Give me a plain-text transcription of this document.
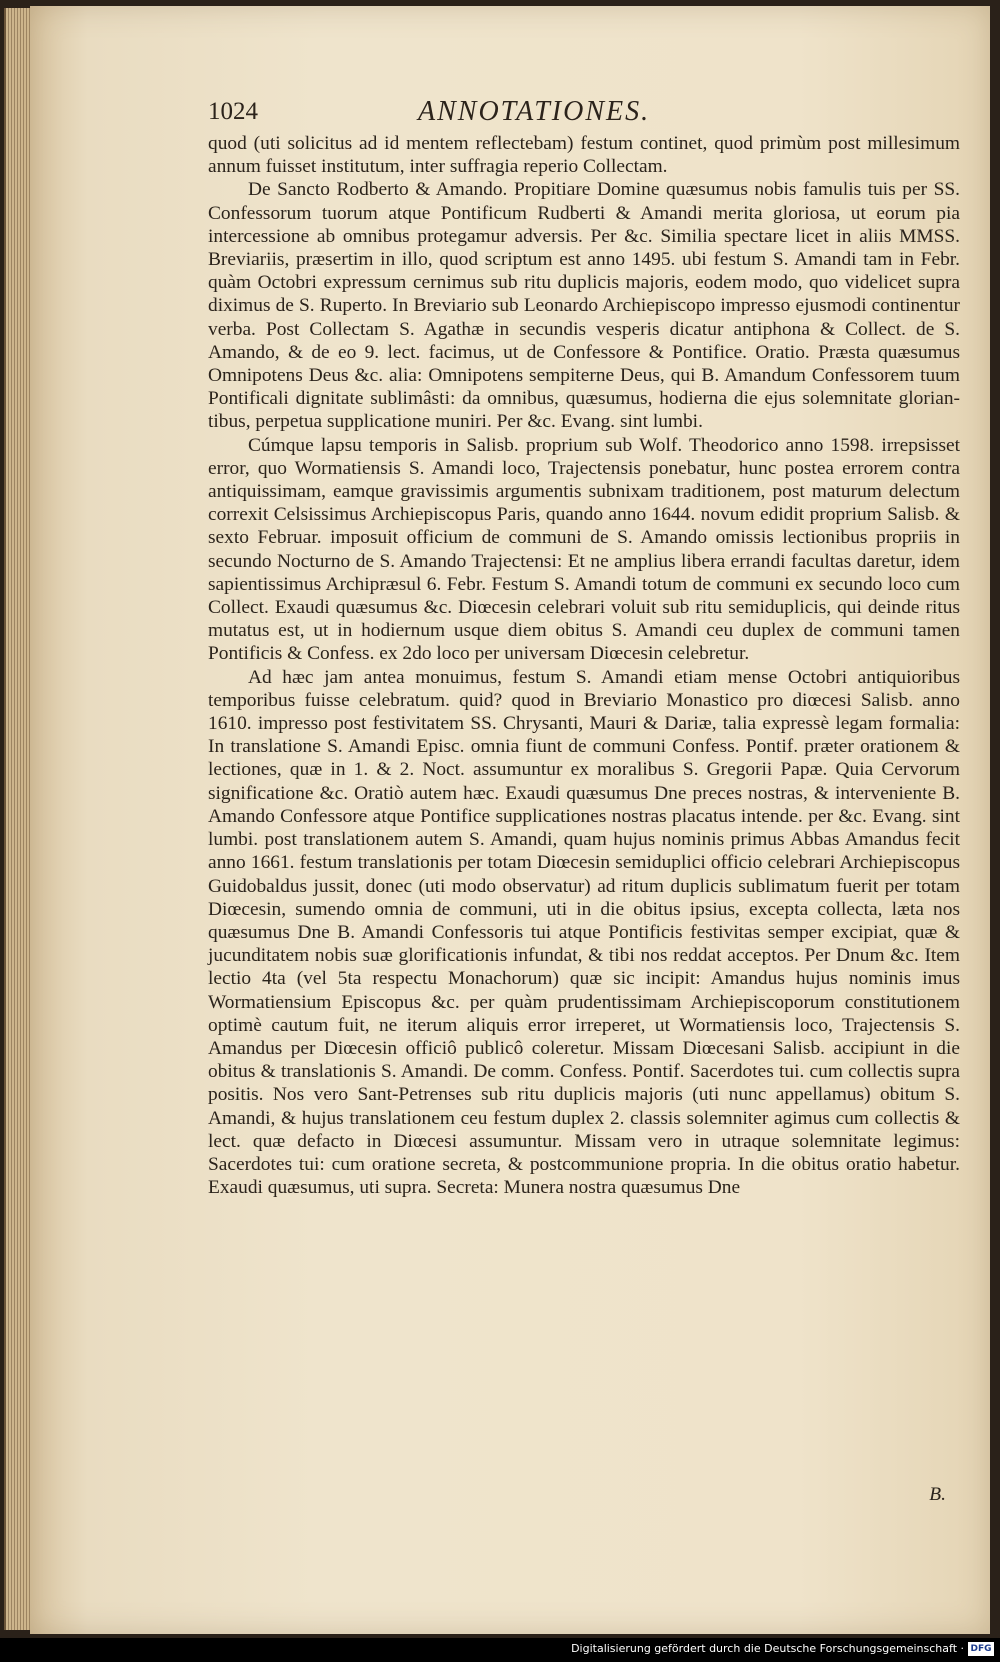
1024	ANNOTATIONES.

quod (uti solicitus ad id mentem reflectebam) festum continet, quod primùm post millesimum annum fuisset institutum, inter suffragia reperio Collectam.

De Sancto Rodberto & Amando. Propitiare Domine quæsumus nobis famulis tuis per SS. Confessorum tuorum atque Pontificum Rudberti & Amandi merita gloriosa, ut eorum pia intercessione ab omnibus protegamur adversis. Per &c. Similia spectare licet in aliis MMSS. Breviariis, præsertim in illo, quod scriptum est anno 1495. ubi festum S. Amandi tam in Febr. quàm Octobri expressum cernimus sub ritu duplicis majoris, eodem modo, quo videlicet supra diximus de S. Ruperto. In Breviario sub Leonardo Archiepiscopo impresso ejusmodi continentur verba. Post Collectam S. Agathæ in secundis vesperis dicatur antiphona & Collect. de S. Amando, & de eo 9. lect. facimus, ut de Confessore & Pontifice. Oratio. Præsta quæsumus Omnipotens Deus &c. alia: Omnipotens sempiterne Deus, qui B. Amandum Confessorem tuum Pontificali dignitate sublimâsti: da omnibus, quæsumus, hodierna die ejus solemnitate gloriantibus, perpetua supplicatione muniri. Per &c. Evang. sint lumbi.

Cúmque lapsu temporis in Salisb. proprium sub Wolf. Theodorico anno 1598. irrepsisset error, quo Wormatiensis S. Amandi loco, Trajectensis ponebatur, hunc postea errorem contra antiquissimam, eamque gravissimis argumentis subnixam traditionem, post maturum delectum correxit Celsissimus Archiepiscopus Paris, quando anno 1644. novum edidit proprium Salisb. & sexto Februar. imposuit officium de communi de S. Amando omissis lectionibus propriis in secundo Nocturno de S. Amando Trajectensi: Et ne amplius libera errandi facultas daretur, idem sapientissimus Archipræsul 6. Febr. Festum S. Amandi totum de communi ex secundo loco cum Collect. Exaudi quæsumus &c. Diœcesin celebrari voluit sub ritu semiduplicis, qui deinde ritus mutatus est, ut in hodiernum usque diem obitus S. Amandi ceu duplex de communi tamen Pontificis & Confess. ex 2do loco per universam Diœcesin celebretur.

Ad hæc jam antea monuimus, festum S. Amandi etiam mense Octobri antiquioribus temporibus fuisse celebratum. quid? quod in Breviario Monastico pro diœcesi Salisb. anno 1610. impresso post festivitatem SS. Chrysanti, Mauri & Dariæ, talia expressè legam formalia: In translatione S. Amandi Episc. omnia fiunt de communi Confess. Pontif. præter orationem & lectiones, quæ in 1. & 2. Noct. assumuntur ex moralibus S. Gregorii Papæ. Quia Cervorum significatione &c. Oratiò autem hæc. Exaudi quæsumus Dne preces nostras, & interveniente B. Amando Confessore atque Pontifice supplicationes nostras placatus intende. per &c. Evang. sint lumbi. post translationem autem S. Amandi, quam hujus nominis primus Abbas Amandus fecit anno 1661. festum translationis per totam Diœcesin semiduplici officio celebrari Archiepiscopus Guidobaldus jussit, donec (uti modo observatur) ad ritum duplicis sublimatum fuerit per totam Diœcesin, sumendo omnia de communi, uti in die obitus ipsius, excepta collecta, læta nos quæsumus Dne B. Amandi Confessoris tui atque Pontificis festivitas semper excipiat, quæ & jucunditatem nobis suæ glorificationis infundat, & tibi nos reddat acceptos. Per Dnum &c. Item lectio 4ta (vel 5ta respectu Monachorum) quæ sic incipit: Amandus hujus nominis imus Wormatiensium Episcopus &c. per quàm prudentissimam Archiepiscoporum constitutionem optimè cautum fuit, ne iterum aliquis error irreperet, ut Wormatiensis loco, Trajectensis S. Amandus per Diœcesin officiô publicô coleretur. Missam Diœcesani Salisb. accipiunt in die obitus & translationis S. Amandi. De comm. Confess. Pontif. Sacerdotes tui. cum collectis supra positis. Nos vero Sant-Petrenses sub ritu duplicis majoris (uti nunc appellamus) obitum S. Amandi, & hujus translationem ceu festum duplex 2. classis solemniter agimus cum collectis & lect. quæ defacto in Diœcesi assumuntur. Missam vero in utraque solemnitate legimus: Sacerdotes tui: cum oratione secreta, & postcommunione propria. In die obitus oratio habetur. Exaudi quæsumus, uti supra. Secreta: Munera nostra quæsumus Dne

B.
Digitalisierung gefördert durch die Deutsche Forschungsgemeinschaft · DFG
